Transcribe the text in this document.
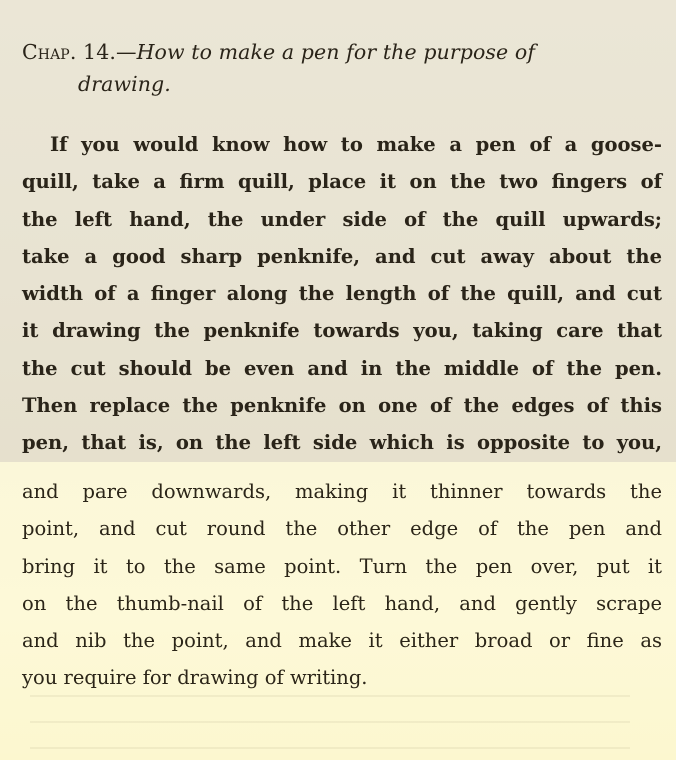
Chap. 14.—How to make a pen for the purpose of
drawing.
If you would know how to make a pen of a goose-
quill, take a firm quill, place it on the two fingers of
the left hand, the under side of the quill upwards;
take a good sharp penknife, and cut away about the
width of a finger along the length of the quill, and cut
it drawing the penknife towards you, taking care that
the cut should be even and in the middle of the pen.
Then replace the penknife on one of the edges of this
pen, that is, on the left side which is opposite to you,
and pare downwards, making it thinner towards the
point, and cut round the other edge of the pen and
bring it to the same point. Turn the pen over, put it
on the thumb-nail of the left hand, and gently scrape
and nib the point, and make it either broad or fine as
you require for drawing of writing.
